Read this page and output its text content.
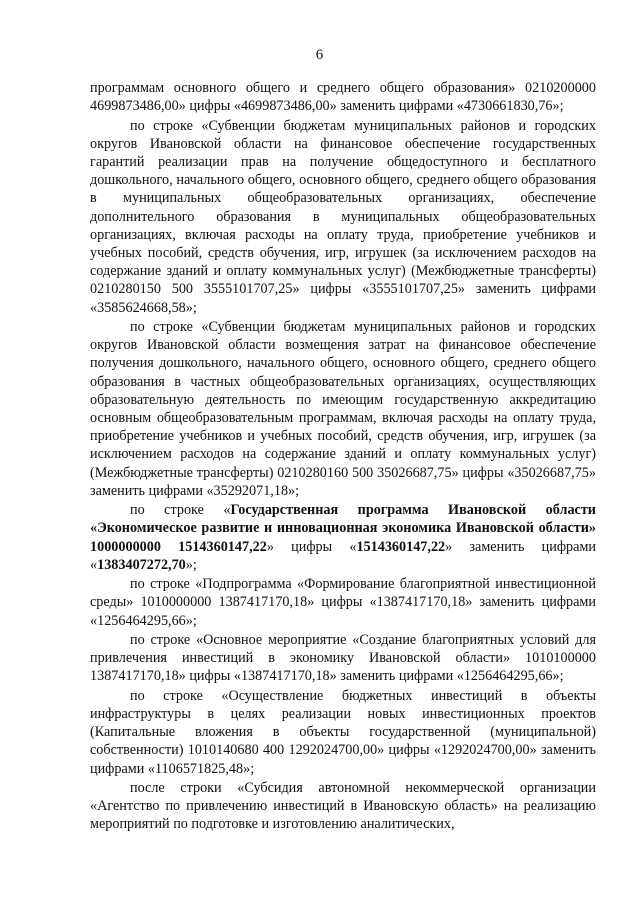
6

программам основного общего и среднего общего образования» 0210200000 4699873486,00» цифры «4699873486,00» заменить цифрами «4730661830,76»;

по строке «Субвенции бюджетам муниципальных районов и городских округов Ивановской области на финансовое обеспечение государственных гарантий реализации прав на получение общедоступного и бесплатного дошкольного, начального общего, основного общего, среднего общего образования в муниципальных общеобразовательных организациях, обеспечение дополнительного образования в муниципальных общеобразовательных организациях, включая расходы на оплату труда, приобретение учебников и учебных пособий, средств обучения, игр, игрушек (за исключением расходов на содержание зданий и оплату коммунальных услуг) (Межбюджетные трансферты) 0210280150 500 3555101707,25» цифры «3555101707,25» заменить цифрами «3585624668,58»;

по строке «Субвенции бюджетам муниципальных районов и городских округов Ивановской области возмещения затрат на финансовое обеспечение получения дошкольного, начального общего, основного общего, среднего общего образования в частных общеобразовательных организациях, осуществляющих образовательную деятельность по имеющим государственную аккредитацию основным общеобразовательным программам, включая расходы на оплату труда, приобретение учебников и учебных пособий, средств обучения, игр, игрушек (за исключением расходов на содержание зданий и оплату коммунальных услуг) (Межбюджетные трансферты) 0210280160 500 35026687,75» цифры «35026687,75» заменить цифрами «35292071,18»;

по строке «Государственная программа Ивановской области «Экономическое развитие и инновационная экономика Ивановской области» 1000000000 1514360147,22» цифры «1514360147,22» заменить цифрами «1383407272,70»;

по строке «Подпрограмма «Формирование благоприятной инвестиционной среды» 1010000000 1387417170,18» цифры «1387417170,18» заменить цифрами «1256464295,66»;

по строке «Основное мероприятие «Создание благоприятных условий для привлечения инвестиций в экономику Ивановской области» 1010100000 1387417170,18» цифры «1387417170,18» заменить цифрами «1256464295,66»;

по строке «Осуществление бюджетных инвестиций в объекты инфраструктуры в целях реализации новых инвестиционных проектов (Капитальные вложения в объекты государственной (муниципальной) собственности) 1010140680 400 1292024700,00» цифры «1292024700,00» заменить цифрами «1106571825,48»;

после строки «Субсидия автономной некоммерческой организации «Агентство по привлечению инвестиций в Ивановскую область» на реализацию мероприятий по подготовке и изготовлению аналитических,
